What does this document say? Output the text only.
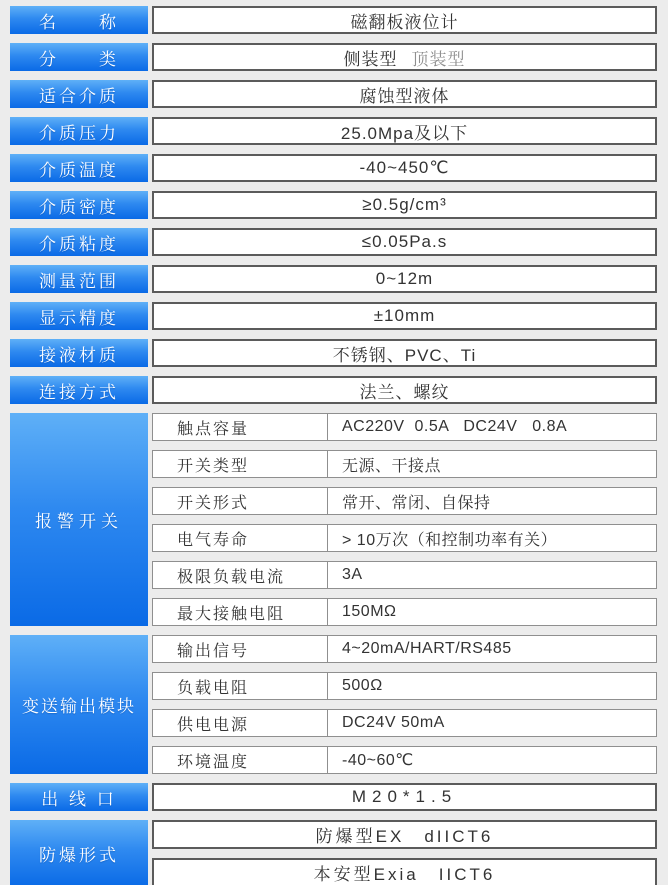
名　　称	磁翻板液位计
分　　类	侧装型 顶装型
适合介质	腐蚀型液体
介质压力	25.0Mpa及以下
介质温度	-40~450℃
介质密度	≥0.5g/cm³
介质粘度	≤0.05Pa.s
测量范围	0~12m
显示精度	±10mm
接液材质	不锈钢、PVC、Ti
连接方式	法兰、螺纹
报警开关
触点容量	AC220V  0.5A   DC24V   0.8A
开关类型	无源、干接点
开关形式	常开、常闭、自保持
电气寿命	> 10万次（和控制功率有关）
极限负载电流	3A
最大接触电阻	150MΩ
变送输出模块
输出信号	4~20mA/HART/RS485
负载电阻	500Ω
供电电源	DC24V 50mA
环境温度	-40~60℃
出 线 口	M20*1.5
防爆形式
防爆型EX　dIICT6
本安型Exia　IICT6
